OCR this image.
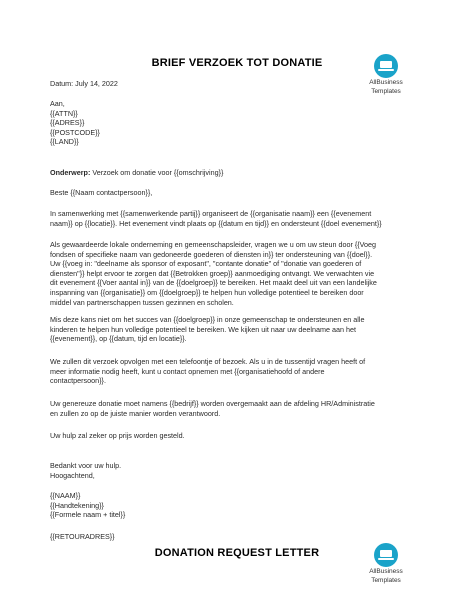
BRIEF VERZOEK TOT DONATIE
AllBusiness
Templates
Datum: July 14, 2022
Aan,
{{ATTN}}
{{ADRES}}
{{POSTCODE}}
{{LAND}}
Onderwerp: Verzoek om donatie voor {{omschrijving}}
Beste {{Naam contactpersoon}},
In samenwerking met {{samenwerkende partij}} organiseert de {{organisatie naam}} een {{evenement
naam}} op {{locatie}}. Het evenement vindt plaats op {{datum en tijd}} en ondersteunt {{doel evenement}}
Als gewaardeerde lokale onderneming en gemeenschapsleider, vragen we u om uw steun door {{Voeg
fondsen of specifieke naam van gedoneerde goederen of diensten in}} ter ondersteuning van {{doel}}.
Uw {{voeg in: "deelname als sponsor of exposant", "contante donatie" of "donatie van goederen of
diensten"}} helpt ervoor te zorgen dat {{Betrokken groep}} aanmoediging ontvangt. We verwachten vie
dit evenement {{Voer aantal in}} van de {{doelgroep}} te bereiken. Het maakt deel uit van een landelijke
inspanning van {{organisatie}} om {{doelgroep}} te helpen hun volledige potentieel te bereiken door
middel van partnerschappen tussen gezinnen en scholen.
Mis deze kans niet om het succes van {{doelgroep}} in onze gemeenschap te ondersteunen en alle
kinderen te helpen hun volledige potentieel te bereiken. We kijken uit naar uw deelname aan het
{{evenement}}, op {{datum, tijd en locatie}}.
We zullen dit verzoek opvolgen met een telefoontje of bezoek. Als u in de tussentijd vragen heeft of
meer informatie nodig heeft, kunt u contact opnemen met {{organisatiehoofd of andere
contactpersoon}}.
Uw genereuze donatie moet namens {{bedrijf}} worden overgemaakt aan de afdeling HR/Administratie
en zullen zo op de juiste manier worden verantwoord.
Uw hulp zal zeker op prijs worden gesteld.
Bedankt voor uw hulp.
Hoogachtend,
{{NAAM}}
{{Handtekening}}
{{Formele naam + titel}}
{{RETOURADRES}}
DONATION REQUEST LETTER
AllBusiness
Templates
